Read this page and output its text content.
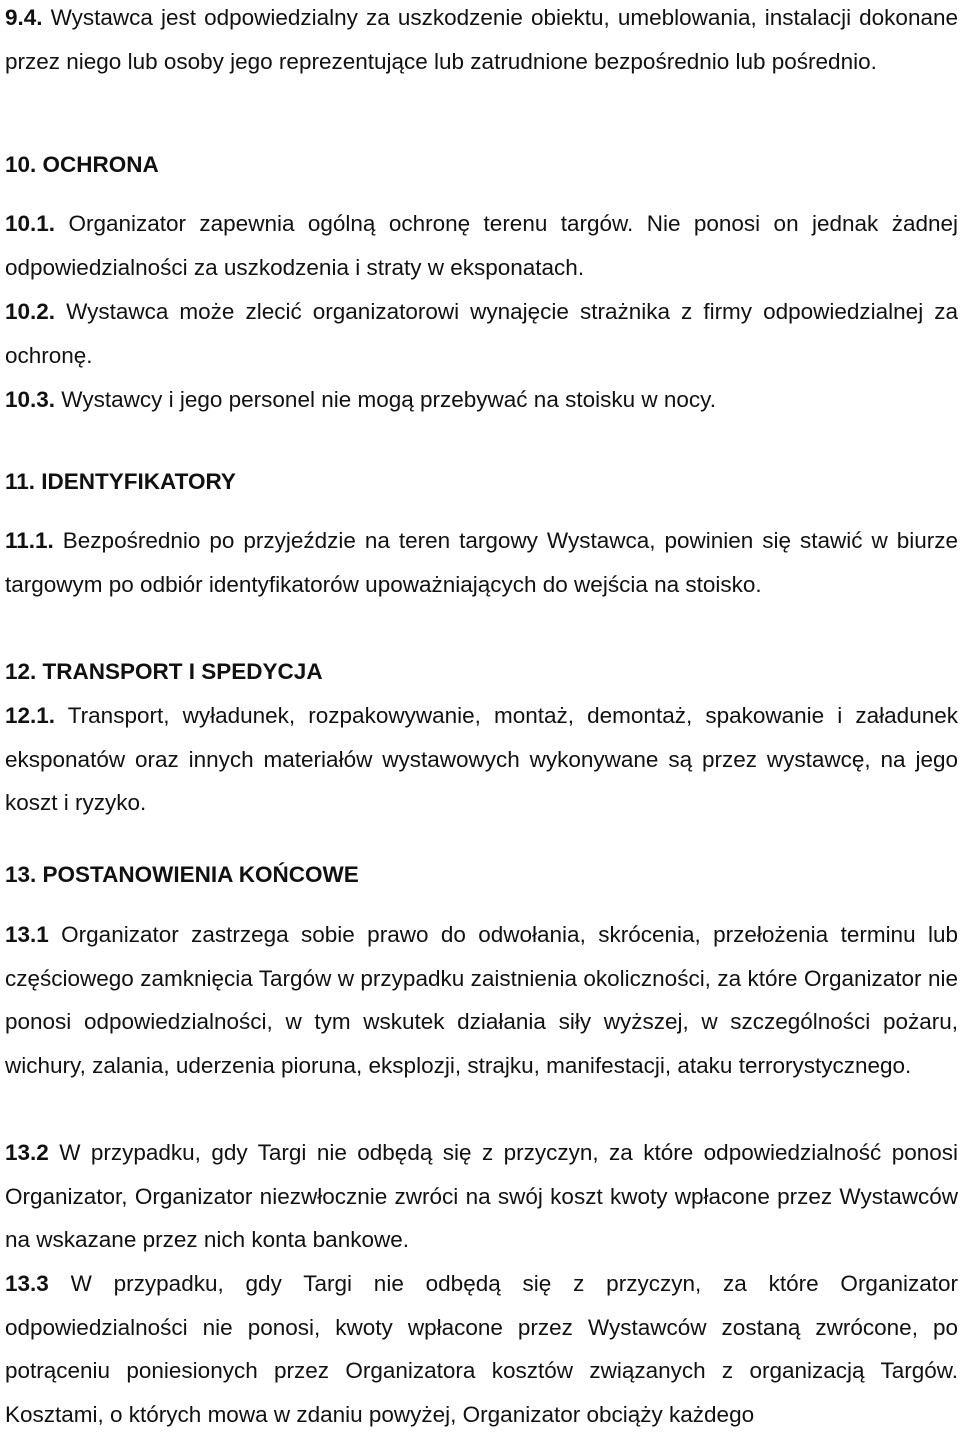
9.4. Wystawca jest odpowiedzialny za uszkodzenie obiektu, umeblowania, instalacji dokonane przez niego lub osoby jego reprezentujące lub zatrudnione bezpośrednio lub pośrednio.

10. OCHRONA

10.1. Organizator zapewnia ogólną ochronę terenu targów. Nie ponosi on jednak żadnej odpowiedzialności za uszkodzenia i straty w eksponatach.

10.2. Wystawca może zlecić organizatorowi wynajęcie strażnika z firmy odpowiedzialnej za ochronę.

10.3. Wystawcy i jego personel nie mogą przebywać na stoisku w nocy.

11. IDENTYFIKATORY

11.1. Bezpośrednio po przyjeździe na teren targowy Wystawca, powinien się stawić w biurze targowym po odbiór identyfikatorów upoważniających do wejścia na stoisko.

12. TRANSPORT I SPEDYCJA

12.1. Transport, wyładunek, rozpakowywanie, montaż, demontaż, spakowanie i załadunek eksponatów oraz innych materiałów wystawowych wykonywane są przez wystawcę, na jego koszt i ryzyko.

13. POSTANOWIENIA KOŃCOWE

13.1 Organizator zastrzega sobie prawo do odwołania, skrócenia, przełożenia terminu lub częściowego zamknięcia Targów w przypadku zaistnienia okoliczności, za które Organizator nie ponosi odpowiedzialności, w tym wskutek działania siły wyższej, w szczególności pożaru, wichury, zalania, uderzenia pioruna, eksplozji, strajku, manifestacji, ataku terrorystycznego.

13.2 W przypadku, gdy Targi nie odbędą się z przyczyn, za które odpowiedzialność ponosi Organizator, Organizator niezwłocznie zwróci na swój koszt kwoty wpłacone przez Wystawców na wskazane przez nich konta bankowe.

13.3 W przypadku, gdy Targi nie odbędą się z przyczyn, za które Organizator odpowiedzialności nie ponosi, kwoty wpłacone przez Wystawców zostaną zwrócone, po potrąceniu poniesionych przez Organizatora kosztów związanych z organizacją Targów. Kosztami, o których mowa w zdaniu powyżej, Organizator obciąży każdego
